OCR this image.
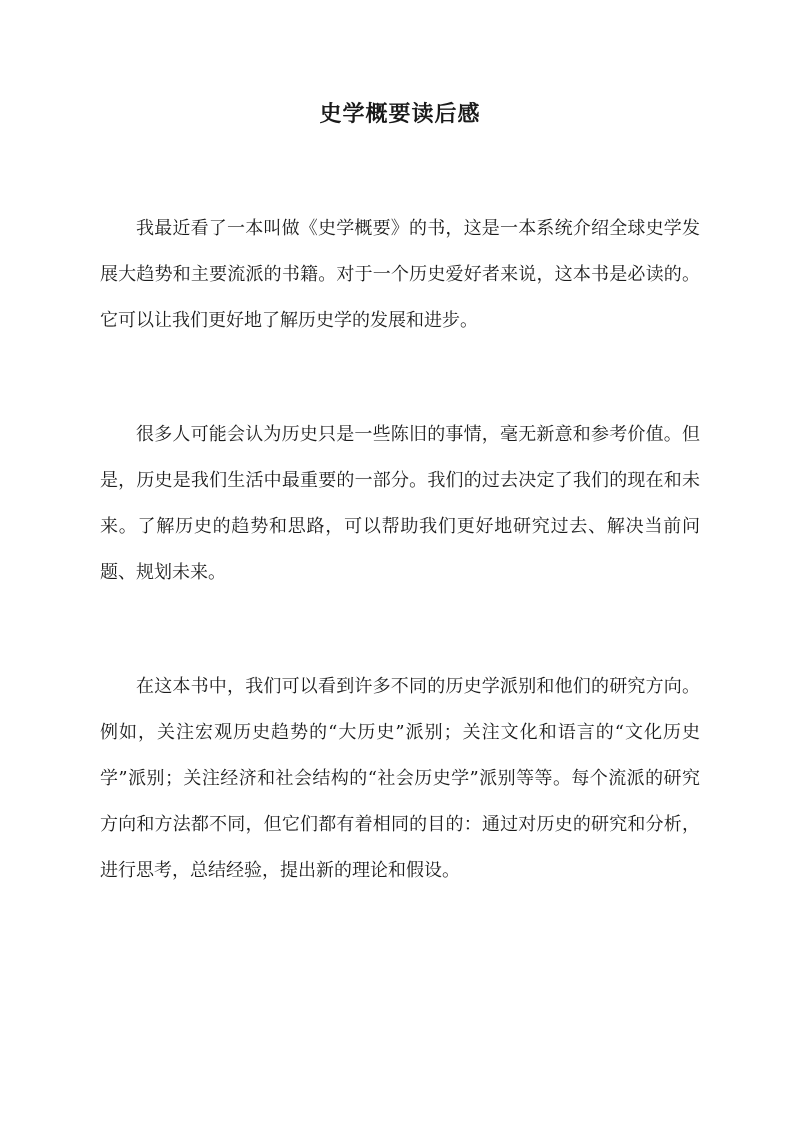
史学概要读后感

我最近看了一本叫做《史学概要》的书，这是一本系统介绍全球史学发展大趋势和主要流派的书籍。对于一个历史爱好者来说，这本书是必读的。它可以让我们更好地了解历史学的发展和进步。

很多人可能会认为历史只是一些陈旧的事情，毫无新意和参考价值。但是，历史是我们生活中最重要的一部分。我们的过去决定了我们的现在和未来。了解历史的趋势和思路，可以帮助我们更好地研究过去、解决当前问题、规划未来。

在这本书中，我们可以看到许多不同的历史学派别和他们的研究方向。例如，关注宏观历史趋势的“大历史”派别；关注文化和语言的“文化历史学”派别；关注经济和社会结构的“社会历史学”派别等等。每个流派的研究方向和方法都不同，但它们都有着相同的目的：通过对历史的研究和分析，进行思考，总结经验，提出新的理论和假设。
